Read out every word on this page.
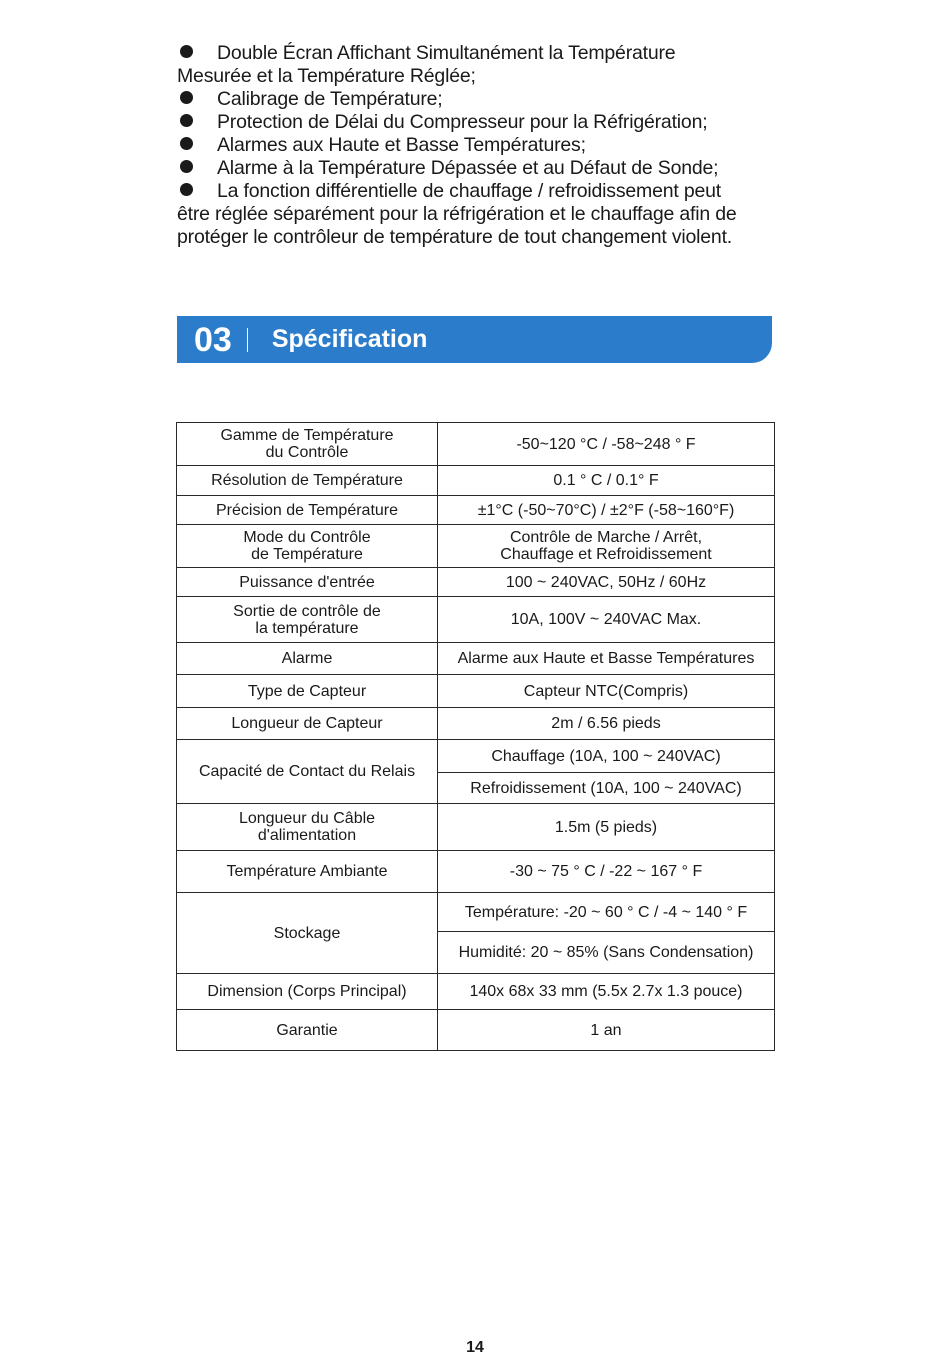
Double Écran Affichant Simultanément la Température
Mesurée et la Température Réglée;
Calibrage de Température;
Protection de Délai du Compresseur pour la Réfrigération;
Alarmes aux Haute et Basse Températures;
Alarme à la Température Dépassée et au Défaut de Sonde;
La fonction différentielle de chauffage / refroidissement peut
être réglée séparément pour la réfrigération et le chauffage afin de
protéger le contrôleur de température de tout changement violent.
03 Spécification
Gamme de Température
du Contrôle	-50~120 °C / -58~248 ° F
Résolution de Température	0.1 ° C / 0.1° F
Précision de Température	±1°C (-50~70°C) / ±2°F (-58~160°F)
Mode du Contrôle
de Température	Contrôle de Marche / Arrêt,
Chauffage et Refroidissement
Puissance d'entrée	100 ~ 240VAC, 50Hz / 60Hz
Sortie de contrôle de
la température	10A, 100V ~ 240VAC Max.
Alarme	Alarme aux Haute et Basse Températures
Type de Capteur	Capteur NTC(Compris)
Longueur de Capteur	2m / 6.56 pieds
Capacité de Contact du Relais	Chauffage (10A, 100 ~ 240VAC)
	Refroidissement (10A, 100 ~ 240VAC)
Longueur du Câble
d'alimentation	1.5m (5 pieds)
Température Ambiante	-30 ~ 75 ° C / -22 ~ 167 ° F
Stockage	Température: -20 ~ 60 ° C / -4 ~ 140 ° F
	Humidité: 20 ~ 85% (Sans Condensation)
Dimension (Corps Principal)	140x 68x 33 mm (5.5x 2.7x 1.3 pouce)
Garantie	1 an
14
